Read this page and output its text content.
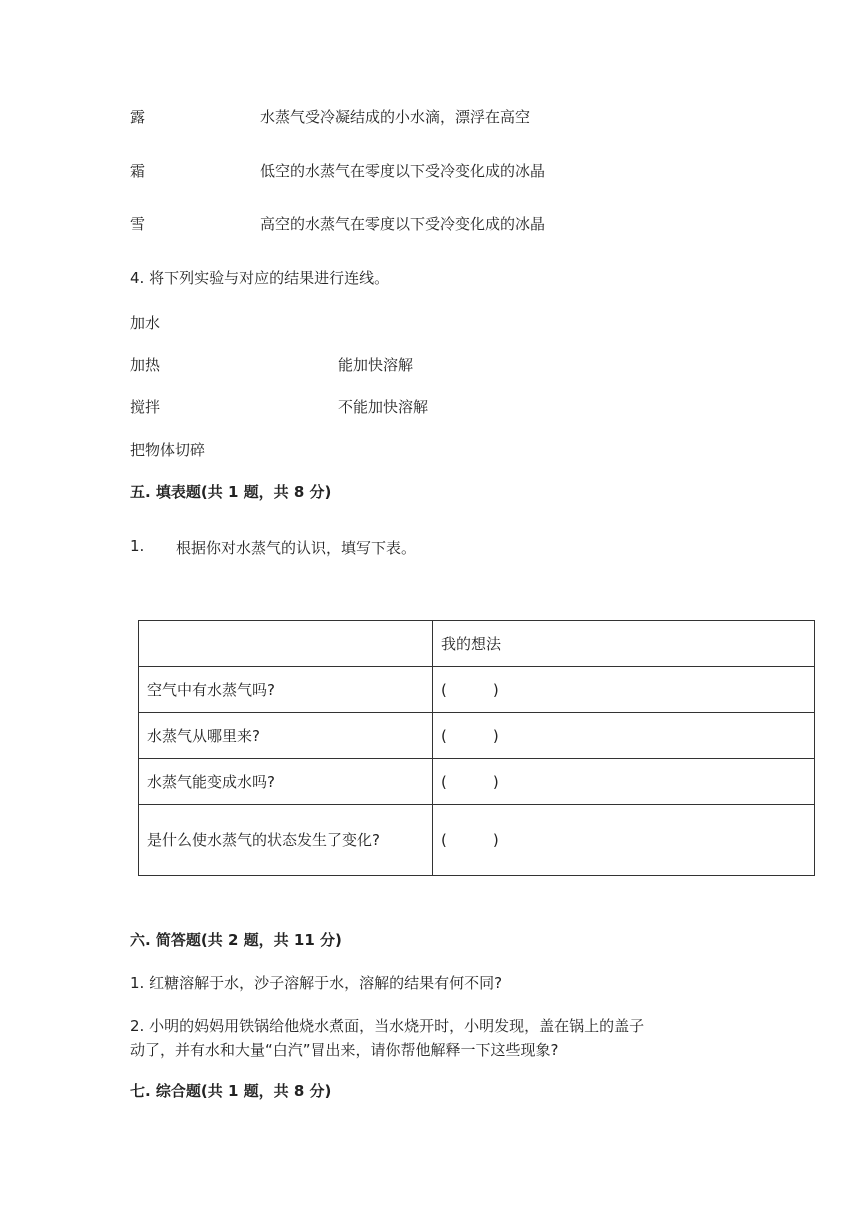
露	水蒸气受冷凝结成的小水滴，漂浮在高空
霜	低空的水蒸气在零度以下受冷变化成的冰晶
雪	高空的水蒸气在零度以下受冷变化成的冰晶
4. 将下列实验与对应的结果进行连线。
加水
加热	能加快溶解
搅拌	不能加快溶解
把物体切碎
五. 填表题(共 1 题，共 8 分)
1. 根据你对水蒸气的认识，填写下表。
	我的想法
空气中有水蒸气吗?	( )
水蒸气从哪里来?	( )
水蒸气能变成水吗?	( )
是什么使水蒸气的状态发生了变化?	( )
六. 简答题(共 2 题，共 11 分)
1. 红糖溶解于水，沙子溶解于水，溶解的结果有何不同?
2. 小明的妈妈用铁锅给他烧水煮面，当水烧开时，小明发现，盖在锅上的盖子
动了，并有水和大量“白汽”冒出来，请你帮他解释一下这些现象?
七. 综合题(共 1 题，共 8 分)
